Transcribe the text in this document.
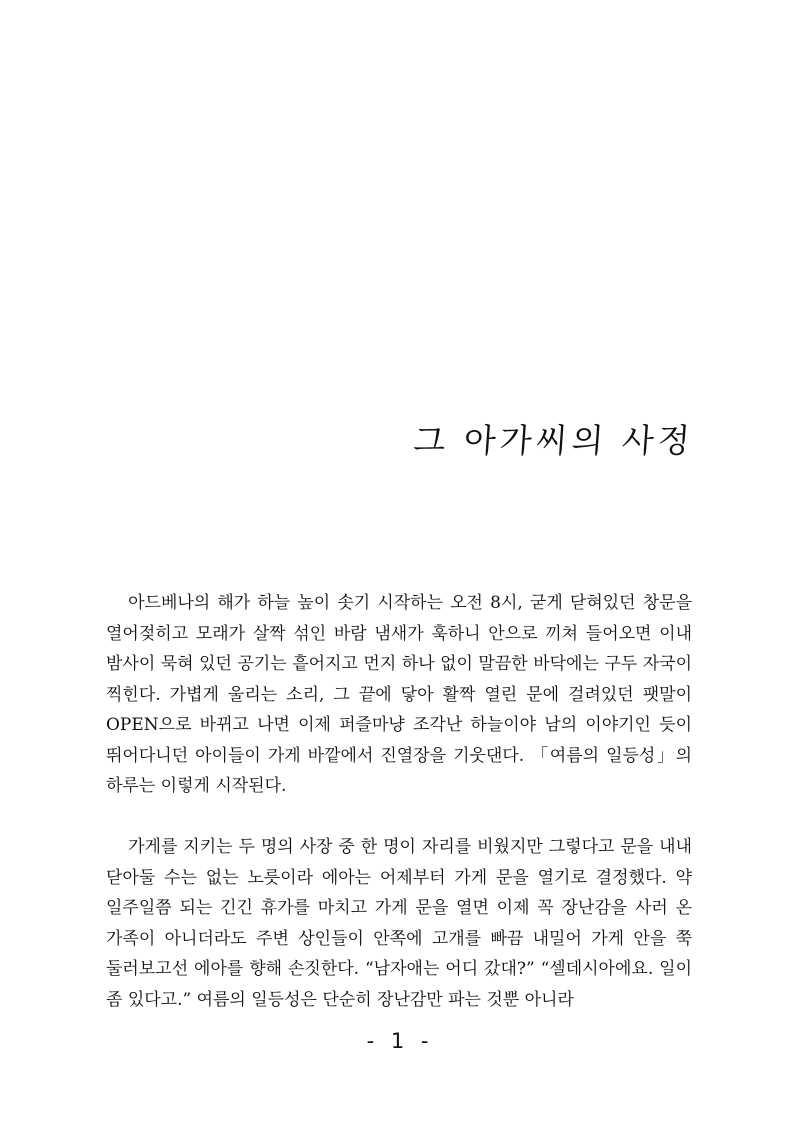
그 아가씨의 사정

아드베나의 해가 하늘 높이 솟기 시작하는 오전 8시, 굳게 닫혀있던 창문을 열어젖히고 모래가 살짝 섞인 바람 냄새가 훅하니 안으로 끼쳐 들어오면 이내 밤사이 묵혀 있던 공기는 흩어지고 먼지 하나 없이 말끔한 바닥에는 구두 자국이 찍힌다. 가볍게 울리는 소리, 그 끝에 닿아 활짝 열린 문에 걸려있던 팻말이 OPEN으로 바뀌고 나면 이제 퍼즐마냥 조각난 하늘이야 남의 이야기인 듯이 뛰어다니던 아이들이 가게 바깥에서 진열장을 기웃댄다. 「여름의 일등성」의 하루는 이렇게 시작된다.

가게를 지키는 두 명의 사장 중 한 명이 자리를 비웠지만 그렇다고 문을 내내 닫아둘 수는 없는 노릇이라 에아는 어제부터 가게 문을 열기로 결정했다. 약 일주일쯤 되는 긴긴 휴가를 마치고 가게 문을 열면 이제 꼭 장난감을 사러 온 가족이 아니더라도 주변 상인들이 안쪽에 고개를 빠끔 내밀어 가게 안을 쭉 둘러보고선 에아를 향해 손짓한다. “남자애는 어디 갔대?” “셀데시아에요. 일이 좀 있다고.” 여름의 일등성은 단순히 장난감만 파는 것뿐 아니라

- 1 -
